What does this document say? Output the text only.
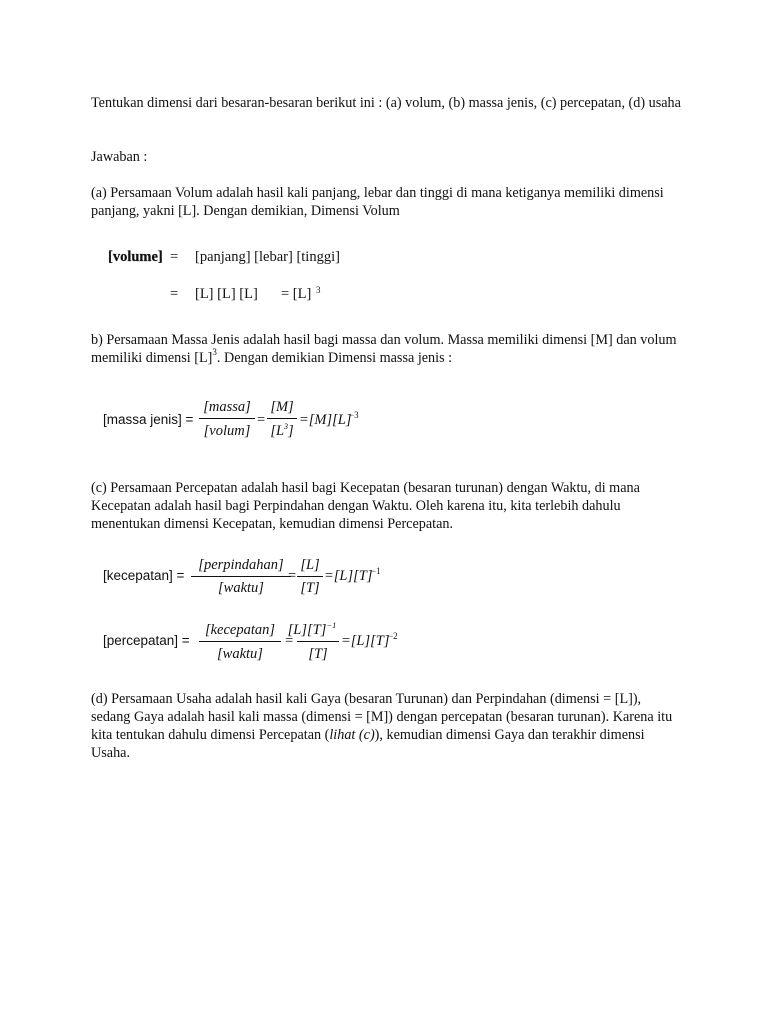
Tentukan dimensi dari besaran-besaran berikut ini : (a) volum, (b) massa jenis, (c) percepatan, (d) usaha
Jawaban :
(a) Persamaan Volum adalah hasil kali panjang, lebar dan tinggi di mana ketiganya memiliki dimensi panjang, yakni [L]. Dengan demikian, Dimensi Volum
[volume] = [panjang] [lebar] [tinggi]
= [L] [L] [L] = [L] 3
b) Persamaan Massa Jenis adalah hasil bagi massa dan volum. Massa memiliki dimensi [M] dan volum memiliki dimensi $[L]^3$. Dengan demikian Dimensi massa jenis :
[massa jenis] =
[massa]
[volum]
=
[M]
$[L^3]$
=[M][L]
−3
(c) Persamaan Percepatan adalah hasil bagi Kecepatan (besaran turunan) dengan Waktu, di mana Kecepatan adalah hasil bagi Perpindahan dengan Waktu. Oleh karena itu, kita terlebih dahulu menentukan dimensi Kecepatan, kemudian dimensi Percepatan.
[kecepatan] =
[perpindahan]
[waktu]
=
[L]
[T]
=[L][T]
−1
[percepatan] =
[kecepatan]
[waktu]
=
$[L][T]^{-1}$
[T]
=[L][T]
−2
(d) Persamaan Usaha adalah hasil kali Gaya (besaran Turunan) dan Perpindahan (dimensi = [L]), sedang Gaya adalah hasil kali massa (dimensi = [M]) dengan percepatan (besaran turunan). Karena itu kita tentukan dahulu dimensi Percepatan (lihat (c)), kemudian dimensi Gaya dan terakhir dimensi Usaha.
